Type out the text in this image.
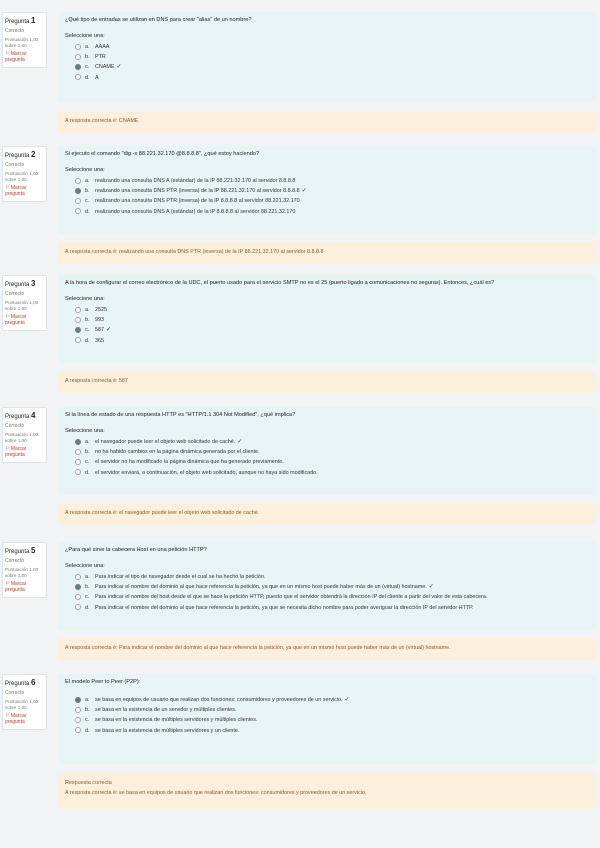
Pregunta 1
Correcto
Puntuación 1,00 sobre 1,00
⚐ Marcar pregunta
¿Qué tipo de entradas se utilizan en DNS para crear "alias" de un nombre?
Seleccione una:
a. AAAA
b. PTR
c. CNAME ✓
d. A
A resposta correcta é: CNAME
Pregunta 2
Correcto
Puntuación 1,00 sobre 1,00
⚐ Marcar pregunta
Si ejecuto el comando "dig -x 88.221.32.170 @8.8.8.8", ¿qué estoy haciendo?
Seleccione una:
a. realizando una consulta DNS A (estándar) de la IP 88.221.32.170 al servidor 8.8.8.8
b. realizando una consulta DNS PTR (inversa) de la IP 88.221.32.170 al servidor 8.8.8.8 ✓
c. realizando una consulta DNS PTR (inversa) de la IP 8.8.8.8 al servidor 88.221.32.170
d. realizando una consulta DNS A (estándar) de la IP 8.8.8.8 al servidor 88.221.32.170
A resposta correcta é: realizando una consulta DNS PTR (inversa) de la IP 88.221.32.170 al servidor 8.8.8.8
Pregunta 3
Correcto
Puntuación 1,00 sobre 1,00
⚐ Marcar pregunta
A la hora de configurar el correo electrónico de la UDC, el puerto usado para el servicio SMTP no es el 25 (puerto ligado a comunicaciones no seguras). Entonces, ¿cuál es?
Seleccione una:
a. 2525
b. 993
c. 587 ✓
d. 365
A resposta correcta é: 587
Pregunta 4
Correcto
Puntuación 1,00 sobre 1,00
⚐ Marcar pregunta
Si la línea de estado de una respuesta HTTP es "HTTP/1.1 304 Not Modified", ¿qué implica?
Seleccione una:
a. el navegador puede leer el objeto web solicitado de caché. ✓
b. no ha habido cambios en la página dinámica generada por el cliente.
c. el servidor no ha modificado la página dinámica que ha generado previamente.
d. el servidor enviará, a continuación, el objeto web solicitado, aunque no haya sido modificado.
A resposta correcta é: el navegador puede leer el objeto web solicitado de caché.
Pregunta 5
Correcto
Puntuación 1,00 sobre 1,00
⚐ Marcar pregunta
¿Para qué sirve la cabecera Host en una petición HTTP?
Seleccione una:
a. Para indicar el tipo de navegador desde el cual se ha hecho la petición.
b. Para indicar el nombre del dominio al que hace referencia la petición, ya que en un mismo host puede haber más de un (virtual) hostname. ✓
c. Para indicar el nombre del host desde el que se hace la petición HTTP, puesto que el servidor obtendrá la dirección IP del cliente a partir del valor de esta cabecera.
d. Para indicar el nombre del dominio al que hace referencia la petición, ya que se necesita dicho nombre para poder averiguar la dirección IP del servidor HTTP.
A resposta correcta é: Para indicar el nombre del dominio al que hace referencia la petición, ya que en un mismo host puede haber más de un (virtual) hostname.
Pregunta 6
Correcto
Puntuación 1,00 sobre 1,00
⚐ Marcar pregunta
El modelo Peer to Peer (P2P):
a. se basa en equipos de usuario que realizan dos funciones: consumidores y proveedores de un servicio. ✓
b. se basa en la existencia de un servidor y múltiples clientes.
c. se basa en la existencia de múltiples servidores y múltiples clientes.
d. se basa en la existencia de múltiples servidores y un cliente.
Respuesta correcta
A resposta correcta é: se basa en equipos de usuario que realizan dos funciones: consumidores y proveedores de un servicio.
